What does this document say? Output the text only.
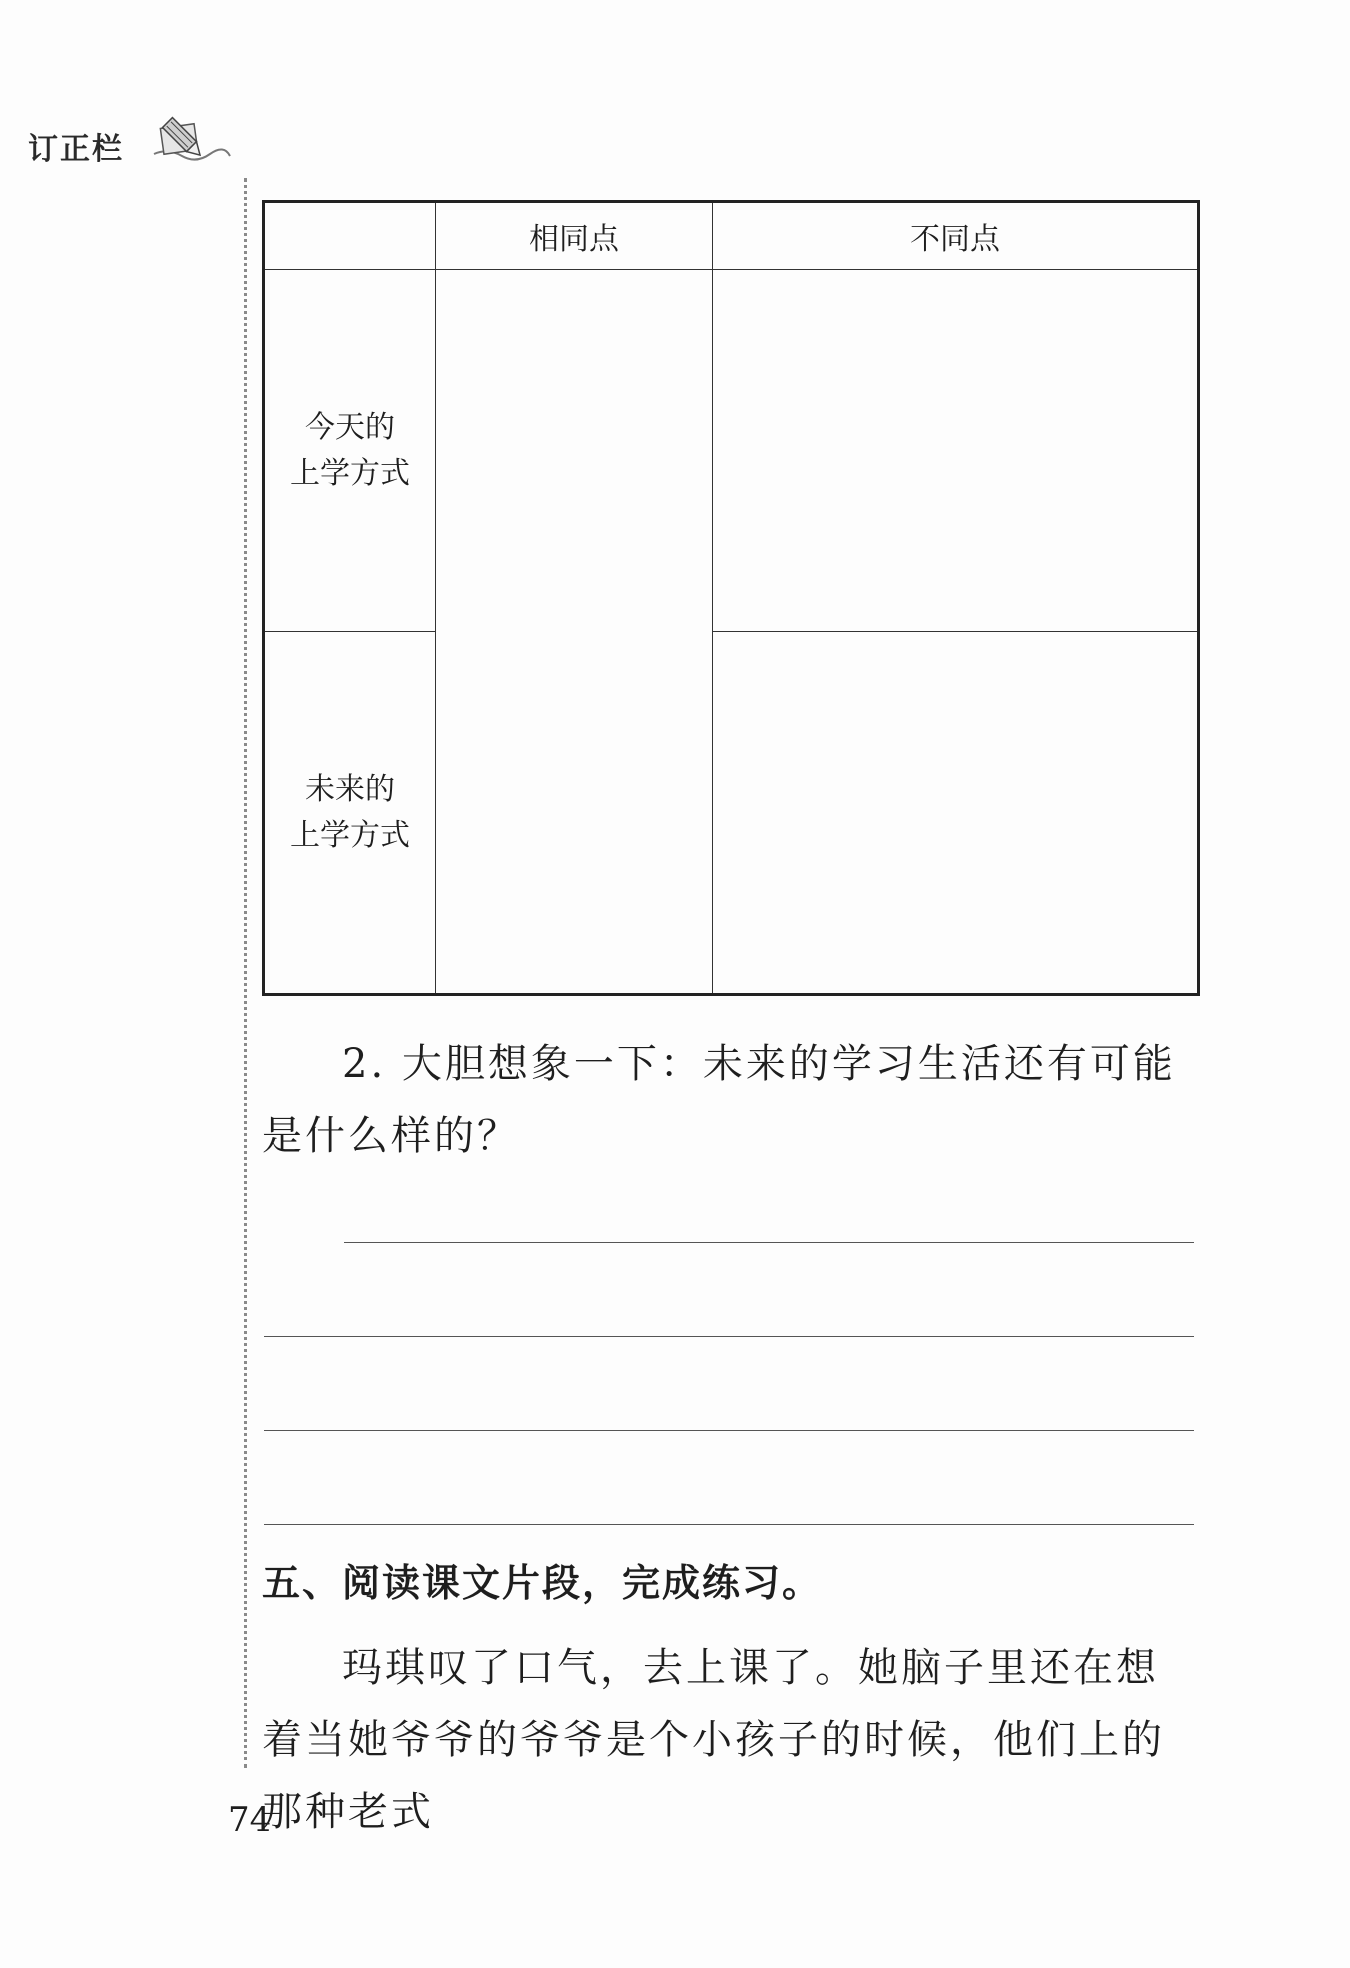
订正栏
	相同点	不同点

今天的
上学方式		

未来的
上学方式		

2. 大胆想象一下：未来的学习生活还有可能是什么样的？

五、阅读课文片段，完成练习。

玛琪叹了口气，去上课了。她脑子里还在想着当她爷爷的爷爷是个小孩子的时候，他们上的那种老式

74
